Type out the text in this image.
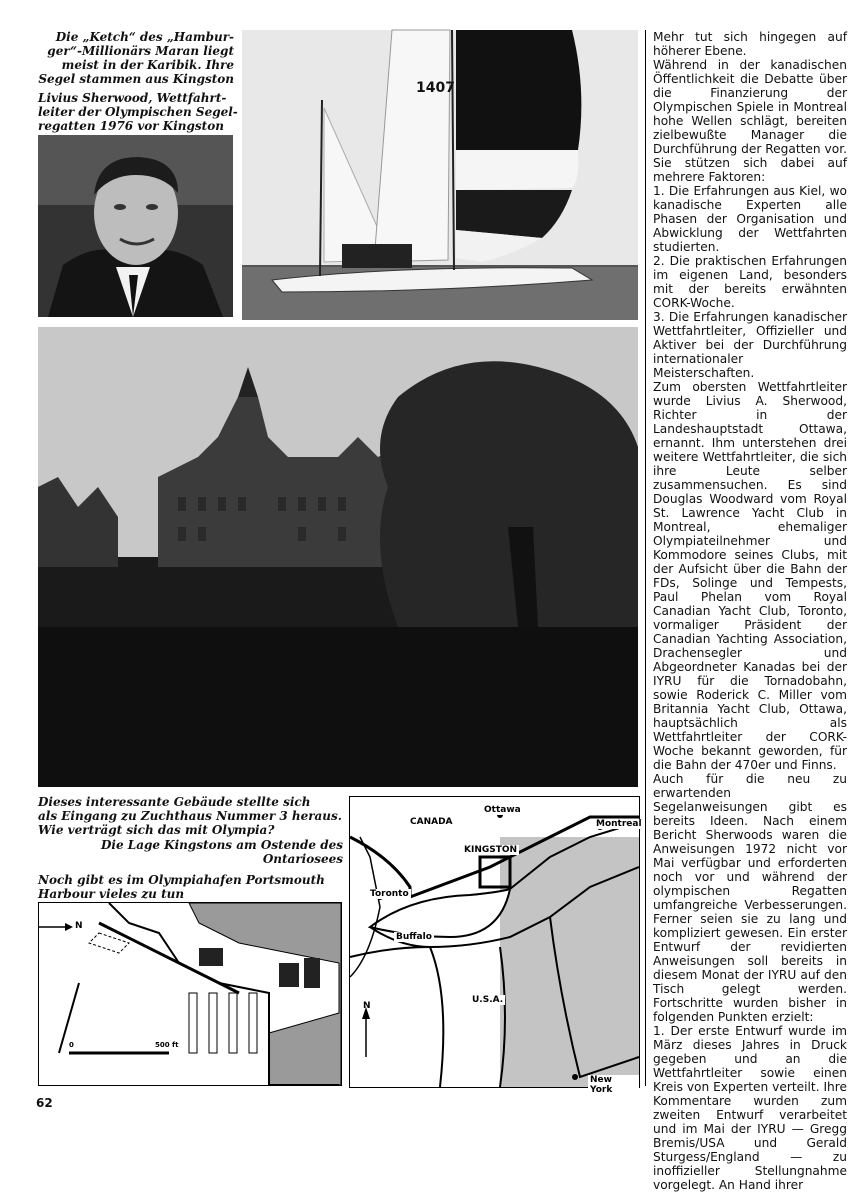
Die „Ketch“ des „Hambur-
ger“-Millionärs Maran liegt
meist in der Karibik. Ihre
Segel stammen aus Kingston
Livius Sherwood, Wettfahrt-
leiter der Olympischen Segel-
regatten 1976 vor Kingston
14071
Dieses interessante Gebäude stellte sich
als Eingang zu Zuchthaus Nummer 3 heraus.
Wie verträgt sich das mit Olympia?
Die Lage Kingstons am Ostende des
Ontariosees
Noch gibt es im Olympiahafen Portsmouth
Harbour vieles zu tun
N
0	500 ft
CANADA
Ottawa
Montreal
KINGSTON
Toronto
Buffalo
U.S.A.
New York
N

Mehr tut sich hingegen auf höherer Ebene.

Während in der kanadischen Öffentlichkeit die Debatte über die Finanzierung der Olympischen Spiele in Montreal hohe Wellen schlägt, bereiten zielbewußte Manager die Durchführung der Regatten vor. Sie stützen sich dabei auf mehrere Faktoren:

1. Die Erfahrungen aus Kiel, wo kanadische Experten alle Phasen der Organisation und Abwicklung der Wettfahrten studierten.

2. Die praktischen Erfahrungen im eigenen Land, besonders mit der bereits erwähnten CORK-Woche.

3. Die Erfahrungen kanadischer Wettfahrtleiter, Offizieller und Aktiver bei der Durchführung internationaler Meisterschaften.

Zum obersten Wettfahrtleiter wurde Livius A. Sherwood, Richter in der Landeshauptstadt Ottawa, ernannt. Ihm unterstehen drei weitere Wettfahrtleiter, die sich ihre Leute selber zusammensuchen. Es sind Douglas Woodward vom Royal St. Lawrence Yacht Club in Montreal, ehemaliger Olympiateilnehmer und Kommodore seines Clubs, mit der Aufsicht über die Bahn der FDs, Solinge und Tempests, Paul Phelan vom Royal Canadian Yacht Club, Toronto, vormaliger Präsident der Canadian Yachting Association, Drachensegler und Abgeordneter Kanadas bei der IYRU für die Tornadobahn, sowie Roderick C. Miller vom Britannia Yacht Club, Ottawa, hauptsächlich als Wettfahrtleiter der CORK-Woche bekannt geworden, für die Bahn der 470er und Finns.

Auch für die neu zu erwartenden Segelanweisungen gibt es bereits Ideen. Nach einem Bericht Sherwoods waren die Anweisungen 1972 nicht vor Mai verfügbar und erforderten noch vor und während der olympischen Regatten umfangreiche Verbesserungen. Ferner seien sie zu lang und kompliziert gewesen. Ein erster Entwurf der revidierten Anweisungen soll bereits in diesem Monat der IYRU auf den Tisch gelegt werden. Fortschritte wurden bisher in folgenden Punkten erzielt:

1. Der erste Entwurf wurde im März dieses Jahres in Druck gegeben und an die Wettfahrtleiter sowie einen Kreis von Experten verteilt. Ihre Kommentare wurden zum zweiten Entwurf verarbeitet und im Mai der IYRU — Gregg Bremis/USA und Gerald Sturgess/England — zu inoffizieller Stellungnahme vorgelegt. An Hand ihrer

62
